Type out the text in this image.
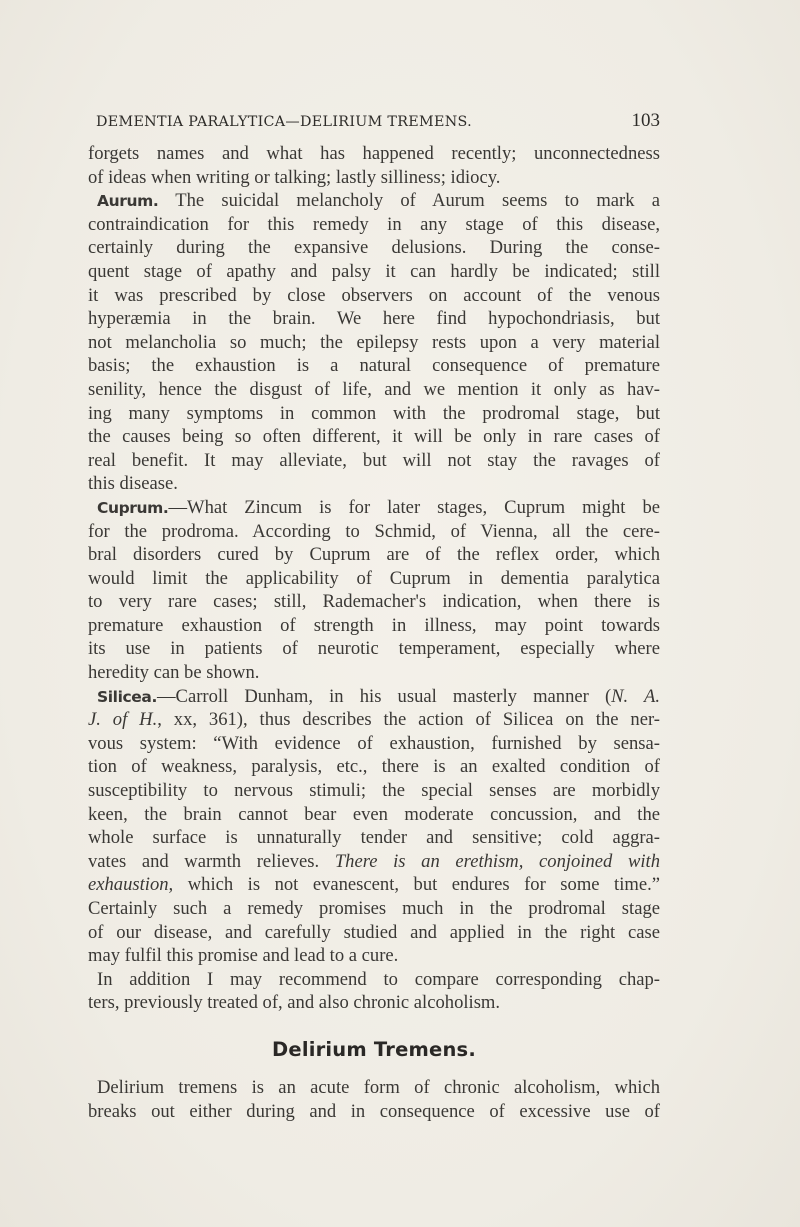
DEMENTIA PARALYTICA—DELIRIUM TREMENS.	103
forgets names and what has happened recently; unconnectedness
of ideas when writing or talking; lastly silliness; idiocy.
Aurum. The suicidal melancholy of Aurum seems to mark a
contraindication for this remedy in any stage of this disease,
certainly during the expansive delusions. During the conse-
quent stage of apathy and palsy it can hardly be indicated; still
it was prescribed by close observers on account of the venous
hyperæmia in the brain. We here find hypochondriasis, but
not melancholia so much; the epilepsy rests upon a very material
basis; the exhaustion is a natural consequence of premature
senility, hence the disgust of life, and we mention it only as hav-
ing many symptoms in common with the prodromal stage, but
the causes being so often different, it will be only in rare cases of
real benefit. It may alleviate, but will not stay the ravages of
this disease.
Cuprum.—What Zincum is for later stages, Cuprum might be
for the prodroma. According to Schmid, of Vienna, all the cere-
bral disorders cured by Cuprum are of the reflex order, which
would limit the applicability of Cuprum in dementia paralytica
to very rare cases; still, Rademacher's indication, when there is
premature exhaustion of strength in illness, may point towards
its use in patients of neurotic temperament, especially where
heredity can be shown.
Silicea.—Carroll Dunham, in his usual masterly manner (N. A.
J. of H., xx, 361), thus describes the action of Silicea on the ner-
vous system: “With evidence of exhaustion, furnished by sensa-
tion of weakness, paralysis, etc., there is an exalted condition of
susceptibility to nervous stimuli; the special senses are morbidly
keen, the brain cannot bear even moderate concussion, and the
whole surface is unnaturally tender and sensitive; cold aggra-
vates and warmth relieves. There is an erethism, conjoined with
exhaustion, which is not evanescent, but endures for some time.”
Certainly such a remedy promises much in the prodromal stage
of our disease, and carefully studied and applied in the right case
may fulfil this promise and lead to a cure.
In addition I may recommend to compare corresponding chap-
ters, previously treated of, and also chronic alcoholism.
Delirium Tremens.
Delirium tremens is an acute form of chronic alcoholism, which
breaks out either during and in consequence of excessive use of
